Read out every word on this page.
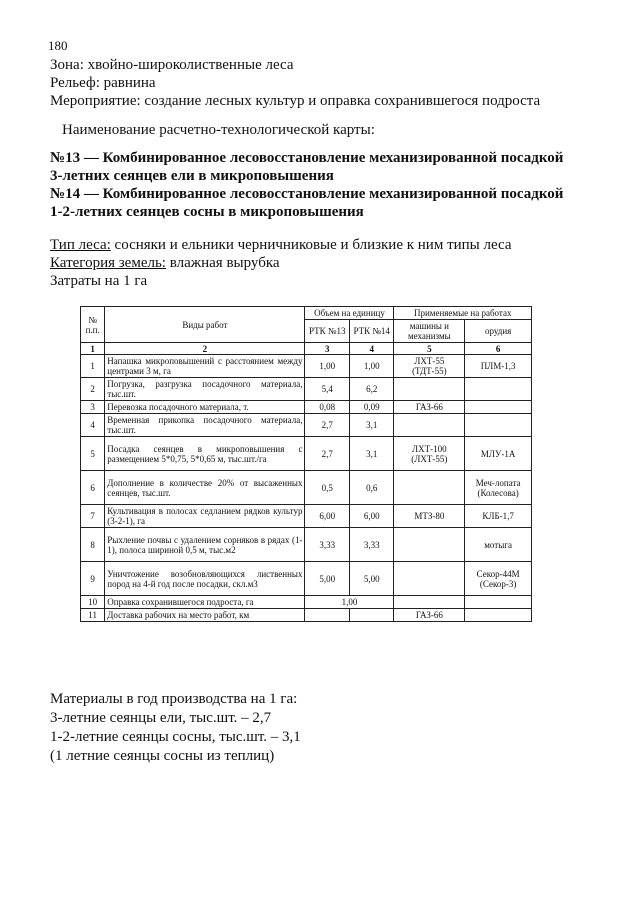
180
Зона: хвойно-широколиственные леса
Рельеф: равнина
Мероприятие: создание лесных культур и оправка сохранившегося подроста
Наименование расчетно-технологической карты:
№13 — Комбинированное лесовосстановление механизированной посадкой 3-летних сеянцев ели в микроповышения
№14 — Комбинированное лесовосстановление механизированной посадкой 1-2-летних сеянцев сосны в микроповышения
Тип леса: сосняки и ельники черничниковые и близкие к ним типы леса
Категория земель: влажная вырубка
Затраты на 1 га
№ п.п.	Виды работ	Объем на единицу		Применяемые на работах	
		РТК №13	РТК №14	машины и механизмы	орудия
1	2	3	4	5	6
1	Напашка микроповышений с расстоянием между центрами 3 м, га	1,00	1,00	ЛХТ-55 (ТДТ-55)	ПЛМ-1,3
2	Погрузка, разгрузка посадочного материала, тыс.шт.	5,4	6,2		
3	Перевозка посадочного материала, т.	0,08	0,09	ГАЗ-66	
4	Временная прикопка посадочного материала, тыс.шт.	2,7	3,1		
5	Посадка сеянцев в микроповышения с размещением 5*0,75, 5*0,65 м, тыс.шт./га	2,7	3,1	ЛХТ-100 (ЛХТ-55)	МЛУ-1А
6	Дополнение в количестве 20% от высаженных сеянцев, тыс.шт.	0,5	0,6		Меч-лопата (Колесова)
7	Культивация в полосах седланием рядков культур (3-2-1), га	6,00	6,00	МТЗ-80	КЛБ-1,7
8	Рыхление почвы с удалением сорняков в рядах (1-1), полоса шириной 0,5 м, тыс.м2	3,33	3,33		мотыга
9	Уничтожение возобновляющихся лиственных пород на 4-й год после посадки, скл.м3	5,00	5,00		Секор-44М (Секор-3)
10	Оправка сохранившегося подроста, га	1,00			
11	Доставка рабочих на место работ, км			ГАЗ-66	
Материалы в год производства на 1 га:
3-летние сеянцы ели, тыс.шт. – 2,7
1-2-летние сеянцы сосны, тыс.шт. – 3,1
(1 летние сеянцы сосны из теплиц)
